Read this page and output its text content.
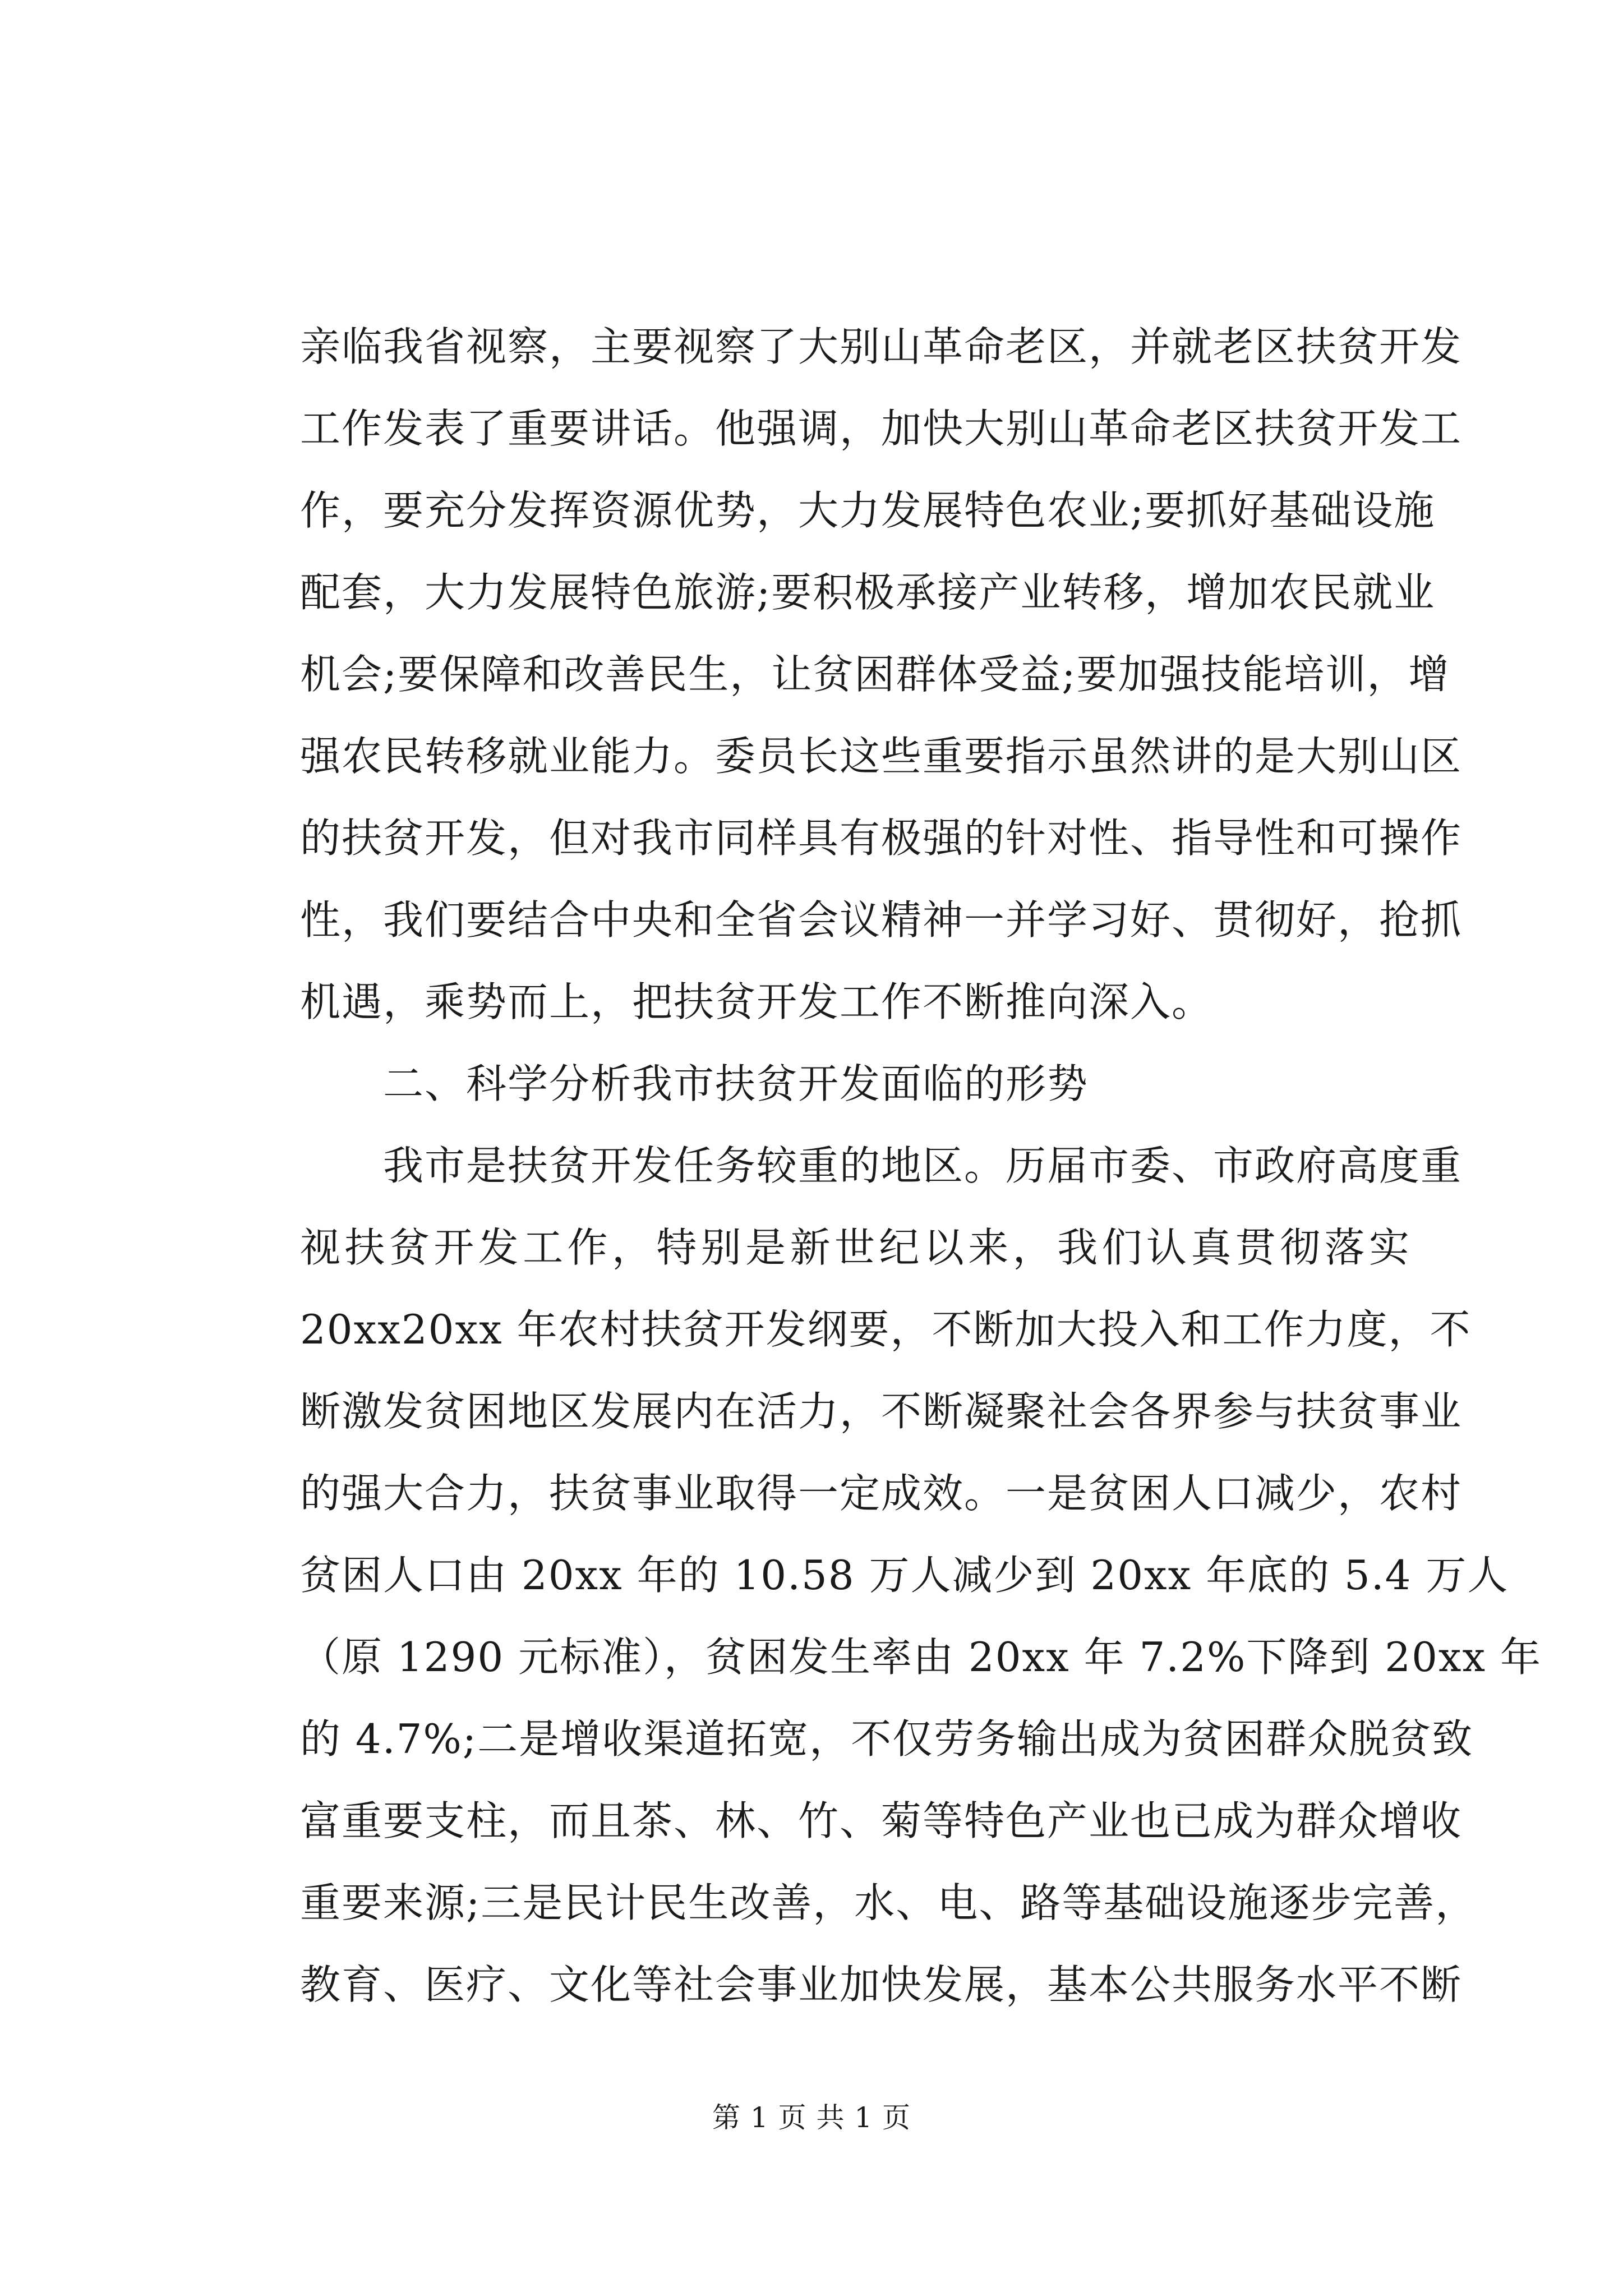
亲临我省视察，主要视察了大别山革命老区，并就老区扶贫开发
工作发表了重要讲话。他强调，加快大别山革命老区扶贫开发工
作，要充分发挥资源优势，大力发展特色农业;要抓好基础设施
配套，大力发展特色旅游;要积极承接产业转移，增加农民就业
机会;要保障和改善民生，让贫困群体受益;要加强技能培训，增
强农民转移就业能力。委员长这些重要指示虽然讲的是大别山区
的扶贫开发，但对我市同样具有极强的针对性、指导性和可操作
性，我们要结合中央和全省会议精神一并学习好、贯彻好，抢抓
机遇，乘势而上，把扶贫开发工作不断推向深入。
　　二、科学分析我市扶贫开发面临的形势
　　我市是扶贫开发任务较重的地区。历届市委、市政府高度重
视扶贫开发工作，特别是新世纪以来，我们认真贯彻落实
20xx20xx 年农村扶贫开发纲要，不断加大投入和工作力度，不
断激发贫困地区发展内在活力，不断凝聚社会各界参与扶贫事业
的强大合力，扶贫事业取得一定成效。一是贫困人口减少，农村
贫困人口由 20xx 年的 10.58 万人减少到 20xx 年底的 5.4 万人
（原 1290 元标准），贫困发生率由 20xx 年 7.2%下降到 20xx 年
的 4.7%;二是增收渠道拓宽，不仅劳务输出成为贫困群众脱贫致
富重要支柱，而且茶、林、竹、菊等特色产业也已成为群众增收
重要来源;三是民计民生改善，水、电、路等基础设施逐步完善，
教育、医疗、文化等社会事业加快发展，基本公共服务水平不断
第 1 页 共 1 页
